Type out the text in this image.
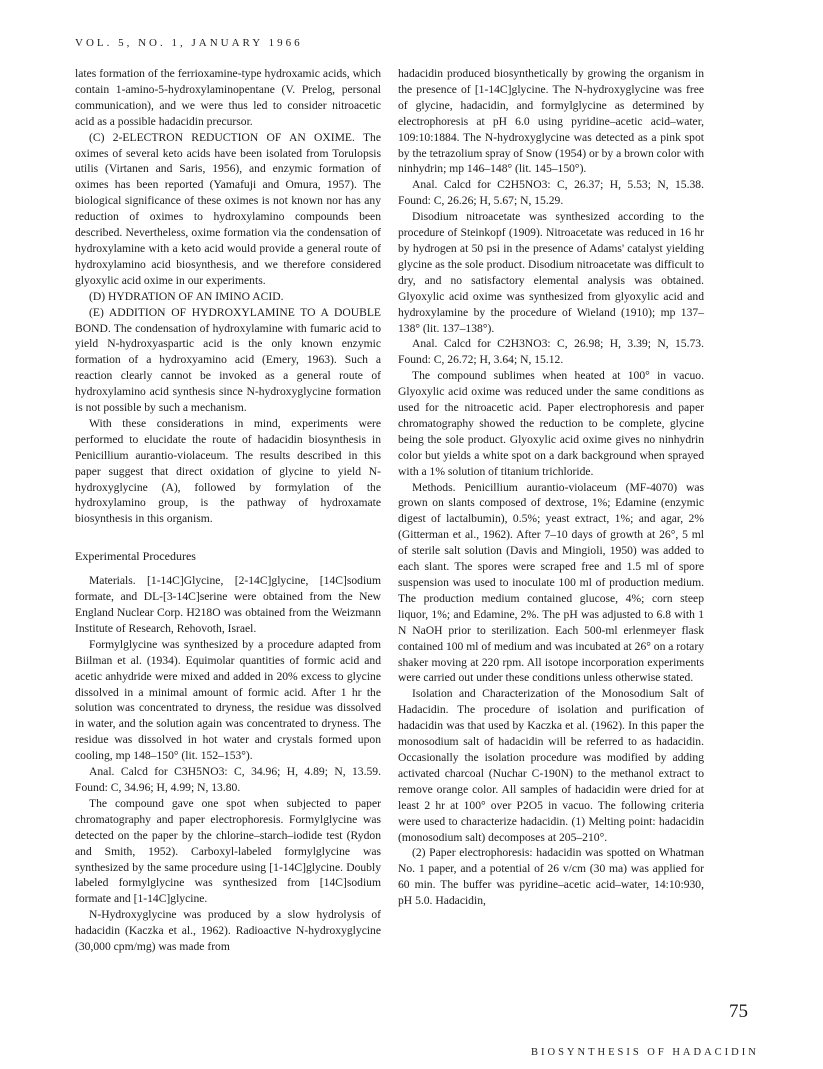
VOL. 5, NO. 1, JANUARY 1966

lates formation of the ferrioxamine-type hydroxamic acids, which contain 1-amino-5-hydroxylaminopentane (V. Prelog, personal communication), and we were thus led to consider nitroacetic acid as a possible hadacidin precursor.

(C) 2-ELECTRON REDUCTION OF AN OXIME. The oximes of several keto acids have been isolated from Torulopsis utilis (Virtanen and Saris, 1956), and enzymic formation of oximes has been reported (Yamafuji and Omura, 1957). The biological significance of these oximes is not known nor has any reduction of oximes to hydroxylamino compounds been described. Nevertheless, oxime formation via the condensation of hydroxylamine with a keto acid would provide a general route of hydroxylamino acid biosynthesis, and we therefore considered glyoxylic acid oxime in our experiments.

(D) HYDRATION OF AN IMINO ACID.

(E) ADDITION OF HYDROXYLAMINE TO A DOUBLE BOND. The condensation of hydroxylamine with fumaric acid to yield N-hydroxyaspartic acid is the only known enzymic formation of a hydroxyamino acid (Emery, 1963). Such a reaction clearly cannot be invoked as a general route of hydroxylamino acid synthesis since N-hydroxyglycine formation is not possible by such a mechanism.

With these considerations in mind, experiments were performed to elucidate the route of hadacidin biosynthesis in Penicillium aurantio-violaceum. The results described in this paper suggest that direct oxidation of glycine to yield N-hydroxyglycine (A), followed by formylation of the hydroxylamino group, is the pathway of hydroxamate biosynthesis in this organism.

Experimental Procedures

Materials. [1-14C]Glycine, [2-14C]glycine, [14C]sodium formate, and DL-[3-14C]serine were obtained from the New England Nuclear Corp. H218O was obtained from the Weizmann Institute of Research, Rehovoth, Israel.

Formylglycine was synthesized by a procedure adapted from Biilman et al. (1934). Equimolar quantities of formic acid and acetic anhydride were mixed and added in 20% excess to glycine dissolved in a minimal amount of formic acid. After 1 hr the solution was concentrated to dryness, the residue was dissolved in water, and the solution again was concentrated to dryness. The residue was dissolved in hot water and crystals formed upon cooling, mp 148–150° (lit. 152–153°).

Anal. Calcd for C3H5NO3: C, 34.96; H, 4.89; N, 13.59. Found: C, 34.96; H, 4.99; N, 13.80.

The compound gave one spot when subjected to paper chromatography and paper electrophoresis. Formylglycine was detected on the paper by the chlorine–starch–iodide test (Rydon and Smith, 1952). Carboxyl-labeled formylglycine was synthesized by the same procedure using [1-14C]glycine. Doubly labeled formylglycine was synthesized from [14C]sodium formate and [1-14C]glycine.

N-Hydroxyglycine was produced by a slow hydrolysis of hadacidin (Kaczka et al., 1962). Radioactive N-hydroxyglycine (30,000 cpm/mg) was made from

hadacidin produced biosynthetically by growing the organism in the presence of [1-14C]glycine. The N-hydroxyglycine was free of glycine, hadacidin, and formylglycine as determined by electrophoresis at pH 6.0 using pyridine–acetic acid–water, 109:10:1884. The N-hydroxyglycine was detected as a pink spot by the tetrazolium spray of Snow (1954) or by a brown color with ninhydrin; mp 146–148° (lit. 145–150°).

Anal. Calcd for C2H5NO3: C, 26.37; H, 5.53; N, 15.38. Found: C, 26.26; H, 5.67; N, 15.29.

Disodium nitroacetate was synthesized according to the procedure of Steinkopf (1909). Nitroacetate was reduced in 16 hr by hydrogen at 50 psi in the presence of Adams' catalyst yielding glycine as the sole product. Disodium nitroacetate was difficult to dry, and no satisfactory elemental analysis was obtained. Glyoxylic acid oxime was synthesized from glyoxylic acid and hydroxylamine by the procedure of Wieland (1910); mp 137–138° (lit. 137–138°).

Anal. Calcd for C2H3NO3: C, 26.98; H, 3.39; N, 15.73. Found: C, 26.72; H, 3.64; N, 15.12.

The compound sublimes when heated at 100° in vacuo. Glyoxylic acid oxime was reduced under the same conditions as used for the nitroacetic acid. Paper electrophoresis and paper chromatography showed the reduction to be complete, glycine being the sole product. Glyoxylic acid oxime gives no ninhydrin color but yields a white spot on a dark background when sprayed with a 1% solution of titanium trichloride.

Methods. Penicillium aurantio-violaceum (MF-4070) was grown on slants composed of dextrose, 1%; Edamine (enzymic digest of lactalbumin), 0.5%; yeast extract, 1%; and agar, 2% (Gitterman et al., 1962). After 7–10 days of growth at 26°, 5 ml of sterile salt solution (Davis and Mingioli, 1950) was added to each slant. The spores were scraped free and 1.5 ml of spore suspension was used to inoculate 100 ml of production medium. The production medium contained glucose, 4%; corn steep liquor, 1%; and Edamine, 2%. The pH was adjusted to 6.8 with 1 N NaOH prior to sterilization. Each 500-ml erlenmeyer flask contained 100 ml of medium and was incubated at 26° on a rotary shaker moving at 220 rpm. All isotope incorporation experiments were carried out under these conditions unless otherwise stated.

Isolation and Characterization of the Monosodium Salt of Hadacidin. The procedure of isolation and purification of hadacidin was that used by Kaczka et al. (1962). In this paper the monosodium salt of hadacidin will be referred to as hadacidin. Occasionally the isolation procedure was modified by adding activated charcoal (Nuchar C-190N) to the methanol extract to remove orange color. All samples of hadacidin were dried for at least 2 hr at 100° over P2O5 in vacuo. The following criteria were used to characterize hadacidin. (1) Melting point: hadacidin (monosodium salt) decomposes at 205–210°.

(2) Paper electrophoresis: hadacidin was spotted on Whatman No. 1 paper, and a potential of 26 v/cm (30 ma) was applied for 60 min. The buffer was pyridine–acetic acid–water, 14:10:930, pH 5.0. Hadacidin,

75
BIOSYNTHESIS OF HADACIDIN
